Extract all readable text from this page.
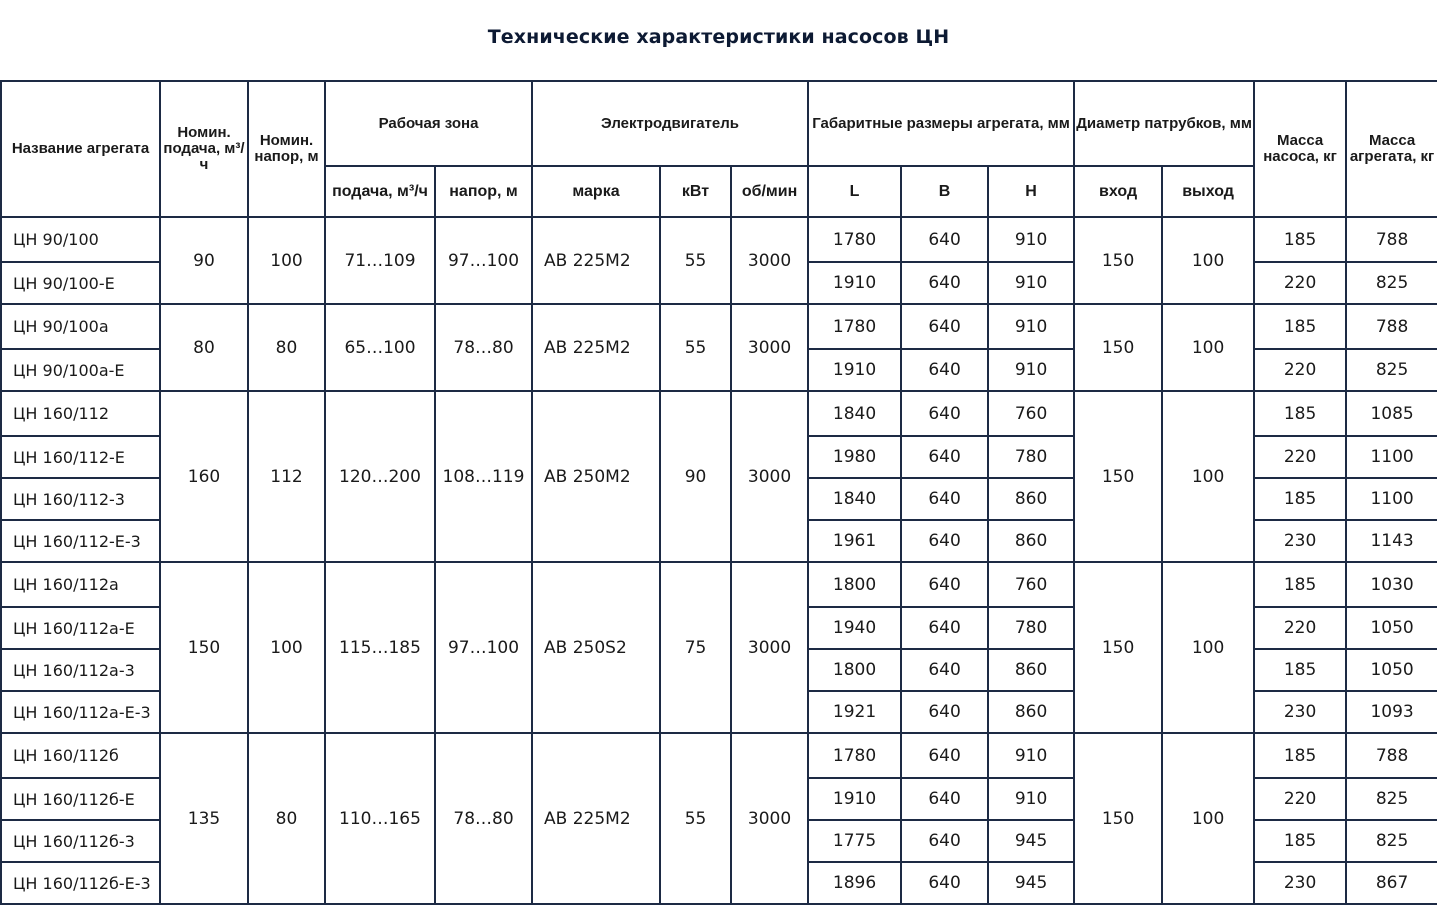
Технические характеристики насосов ЦН
Название агрегата	Номин. подача, м³/ч	Номин. напор, м	Рабочая зона		Электродвигатель			Габаритные размеры агрегата, мм			Диаметр патрубков, мм		Масса насоса, кг	Масса агрегата, кг
			подача, м³/ч	напор, м	марка	кВт	об/мин	L	B	H	вход	выход		
ЦН 90/100	90	100	71…109	97…100	АВ 225М2	55	3000	1780	640	910	150	100	185	788
ЦН 90/100-Е								1910	640	910			220	825
ЦН 90/100а	80	80	65…100	78…80	АВ 225М2	55	3000	1780	640	910	150	100	185	788
ЦН 90/100а-Е								1910	640	910			220	825
ЦН 160/112	160	112	120…200	108…119	АВ 250М2	90	3000	1840	640	760	150	100	185	1085
ЦН 160/112-Е								1980	640	780			220	1100
ЦН 160/112-3								1840	640	860			185	1100
ЦН 160/112-Е-3								1961	640	860			230	1143
ЦН 160/112а	150	100	115…185	97…100	АВ 250S2	75	3000	1800	640	760	150	100	185	1030
ЦН 160/112а-Е								1940	640	780			220	1050
ЦН 160/112а-3								1800	640	860			185	1050
ЦН 160/112а-Е-3								1921	640	860			230	1093
ЦН 160/112б	135	80	110…165	78…80	АВ 225М2	55	3000	1780	640	910	150	100	185	788
ЦН 160/112б-Е								1910	640	910			220	825
ЦН 160/112б-3								1775	640	945			185	825
ЦН 160/112б-Е-3								1896	640	945			230	867
